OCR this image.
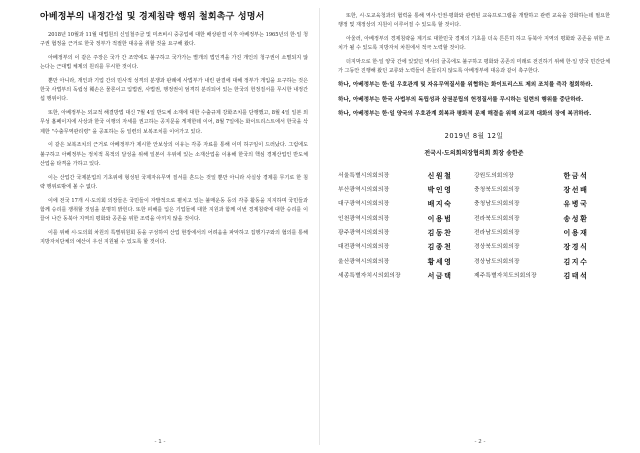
아베정부의 내정간섭 및 경제침략 행위 철회촉구 성명서

2018년 10월과 11월 대법원의 신일철주금 및 미쓰비시 중공업에 대한 배상판결 이후 아베정부는 1965년의 한·일 청구권 협정을 근거로 한국 정부가 적절한 대응을 취할 것을 요구해 왔다.

아베정부의 이 같은 주장은 국가 간 조약에도 불구하고 국가가는 별개의 법인격을 가진 개인의 청구권이 소멸되지 않는다는 근대법 체제의 원리를 무시한 것이다.

뿐만 아니라, 개인과 기업 간의 민사적 성격의 분쟁과 판례에 사법부가 내린 판결에 대해 정부가 개입을 요구하는 것은 한국 사법부의 독립성 훼손은 물론이고 입법권, 사법권, 행정권이 엄격히 분리되어 있는 한국의 헌정질서를 무시한 내정간섭 행위이다.

또한, 아베정부는 외교적 해결방법 대신 7월 4일 반도체 소재에 대한 수출규제 강화조치를 단행했고, 8월 4일 일본 외무성 홈페이지에 사상과 한국 이행의 자세를 권고하는 공지문을 게재한데 이어, 8월 7일에는 화이트리스트에서 한국을 삭제한 "수출무역관리령" 을 공포하는 등 일련의 보복조치를 이어가고 있다.

이 같은 보복조치의 근거로 아베정부가 제시한 안보상의 이유는 각종 자료를 통해 이미 허구임이 드러났다. 그럼에도 불구하고 아베정부는 정치적 목적의 달성을 위해 일본이 우위에 있는 소재산업을 이용해 한국의 핵심 경제산업인 반도체산업을 타격을 가하고 있다.

이는 산업간 국제분업의 기초위에 형성된 국제자유무역 질서를 흔드는 것일 뿐만 아니라 사실상 경제를 무기로 한 침략 행위로밖에 볼 수 없다.

이에 전국 17개 시·도의회 의장들은 국민들이 자발적으로 펼치고 있는 불매운동 등의 각종 활동을 지지하며 국민들과 함께 승리를 쟁취할 것임을 분명히 밝힌다. 또한 피해를 입은 기업들에 대한 지원과 함께 이번 경제침략에 대한 승리를 이끌어 나간 동북아 지역의 평화와 공존을 위한 조력을 아끼지 않을 것이다.

이를 위해 시·도의회 차원의 특별위원회 등을 구성하여 산업 현장에서의 어려움을 파악하고 집행기구와의 협의를 통해 지방자치단체의 예산이 우선 지원될 수 있도록 할 것이다.

- 1 -

또한, 시·도교육청과의 협력을 통해 역사·인권·평화와 관련된 교육프로그램을 개발하고 관련 교육을 강화하는데 필요한 행정 및 재정상의 지원이 이루어질 수 있도록 할 것이다.

아울러, 아베정부의 경제침략을 계기로 대한민국 경제의 기초를 더욱 튼튼히 하고 동북아 지역의 평화와 공존을 위한 조치가 될 수 있도록 지방자치 차원에서 적극 노력할 것이다.

더지막으로 한·일 양국 간에 있었던 역사의 굴곡에도 불구하고 평화와 공존의 미래로 전진하기 위해 한·일 양국 민간단체가 그동안 진행해 왔던 교류와 노력들이 흔들리지 않도록 아베정부에 대응과 같이 촉구한다.

하나, 아베정부는 한·일 우호관계 및 자유무역질서를 위협하는 화이트리스트 제외 조치를 즉각 철회하라.
하나, 아베정부는 한국 사법부의 독립성과 삼권분립의 헌정질서를 무시하는 일련의 행위를 중단하라.
하나, 아베정부는 한·일 양국의 우호관계 회복과 평화적 문제 해결을 위해 외교적 대화의 장에 복귀하라.
2019년 8월 12일
전국시·도의회의장협의회 회장 송한준
서울특별시의회의장	신원철	강원도의회의장	한금석
부산광역시의회의장	박인영	충청북도의회의장	장선배
대구광역시의회의장	배지숙	충청남도의회의장	유병국
인천광역시의회의장	이용범	전라북도의회의장	송성환
광주광역시의회의장	김동찬	전라남도의회의장	이용재
대전광역시의회의장	김종천	경상북도의회의장	장경식
울산광역시의회의장	황세영	경상남도의회의장	김지수
세종특별자치시의회의장	서금택	제주특별자치도의회의장	김태석
- 2 -
